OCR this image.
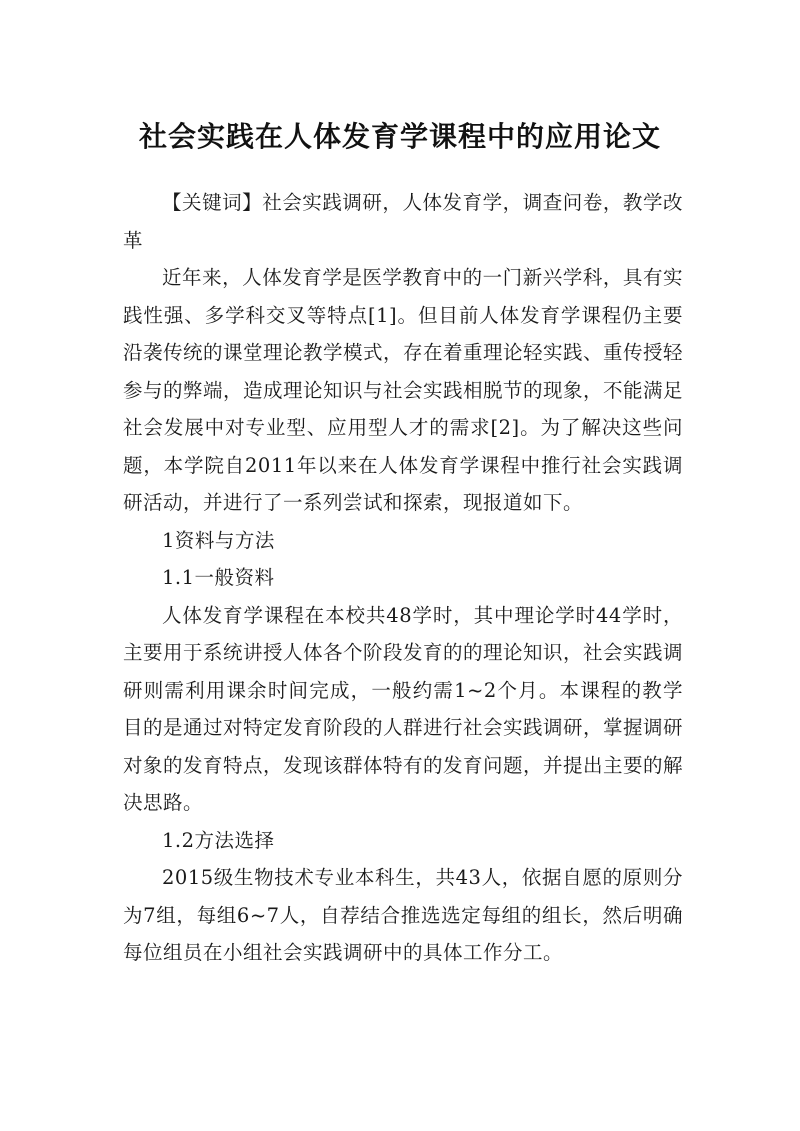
社会实践在人体发育学课程中的应用论文

【关键词】社会实践调研，人体发育学，调查问卷，教学改革

近年来，人体发育学是医学教育中的一门新兴学科，具有实践性强、多学科交叉等特点[1]。但目前人体发育学课程仍主要沿袭传统的课堂理论教学模式，存在着重理论轻实践、重传授轻参与的弊端，造成理论知识与社会实践相脱节的现象，不能满足社会发展中对专业型、应用型人才的需求[2]。为了解决这些问题，本学院自2011年以来在人体发育学课程中推行社会实践调研活动，并进行了一系列尝试和探索，现报道如下。

1资料与方法

1.1一般资料

人体发育学课程在本校共48学时，其中理论学时44学时，主要用于系统讲授人体各个阶段发育的的理论知识，社会实践调研则需利用课余时间完成，一般约需1~2个月。本课程的教学目的是通过对特定发育阶段的人群进行社会实践调研，掌握调研对象的发育特点，发现该群体特有的发育问题，并提出主要的解决思路。

1.2方法选择

2015级生物技术专业本科生，共43人，依据自愿的原则分为7组，每组6~7人，自荐结合推选选定每组的组长，然后明确每位组员在小组社会实践调研中的具体工作分工。
